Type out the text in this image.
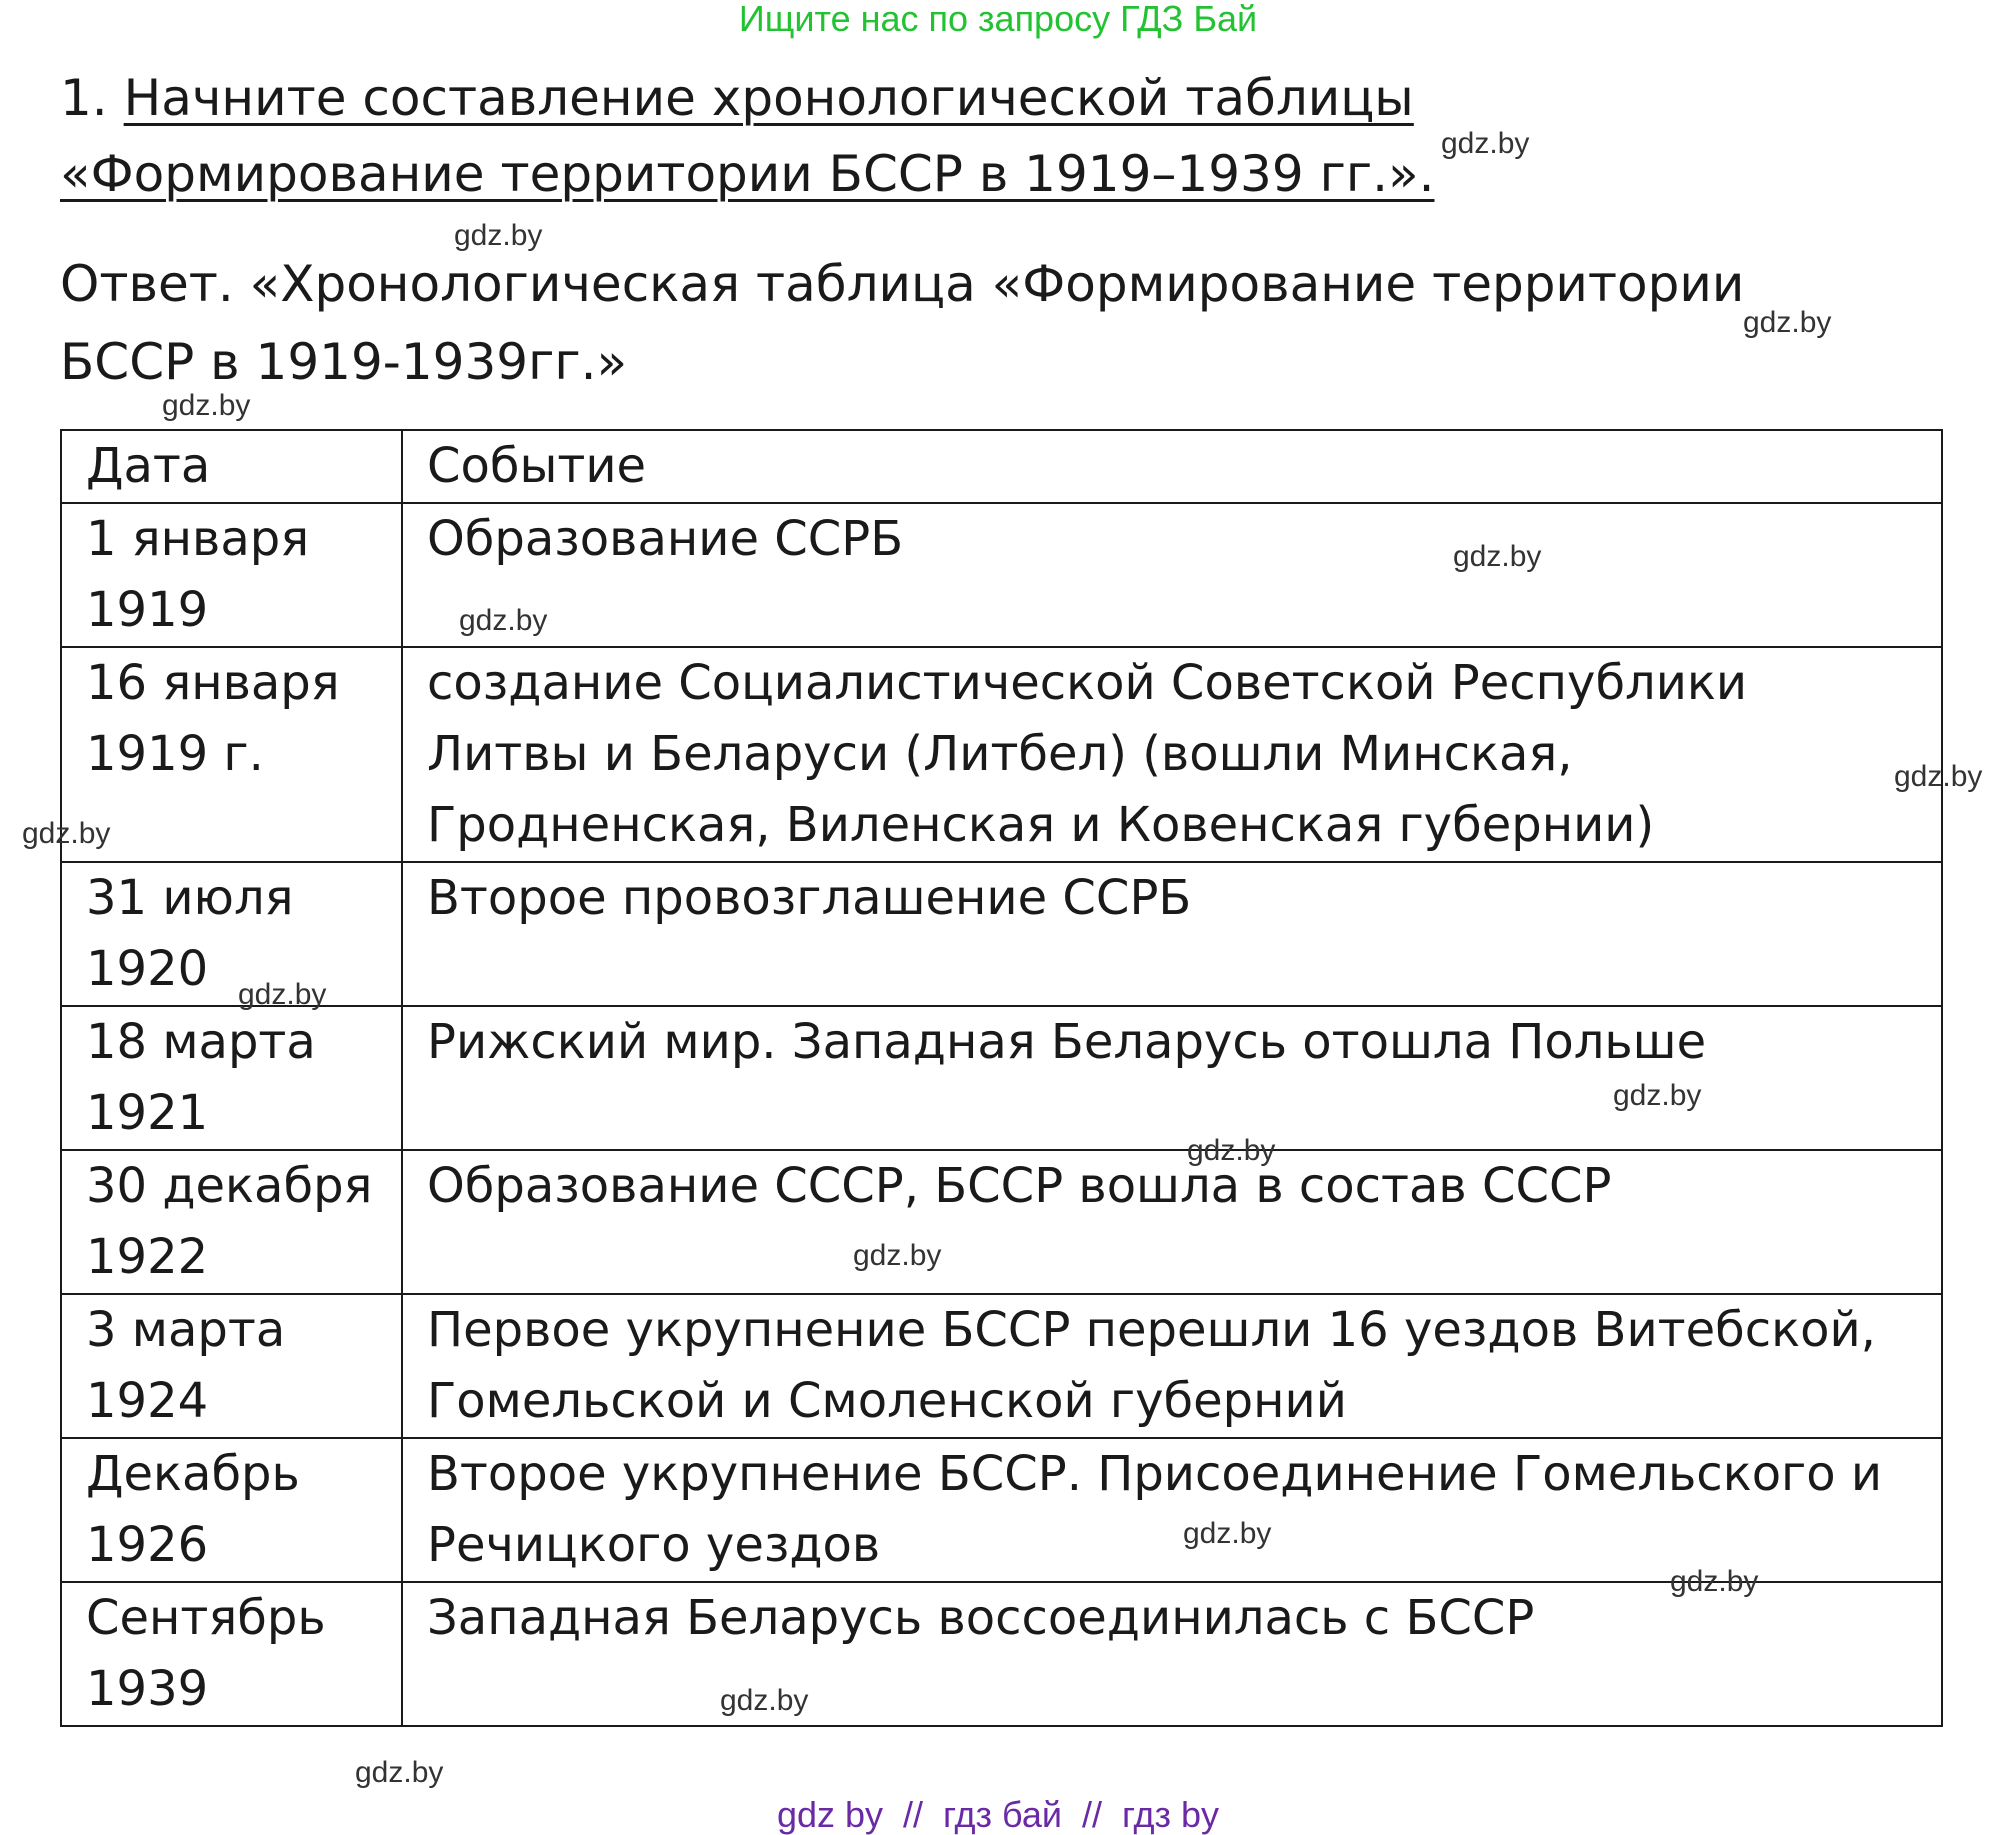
Ищите нас по запросу ГДЗ Бай
1. Начните составление хронологической таблицы «Формирование территории БССР в 1919–1939 гг.».
Ответ. «Хронологическая таблица «Формирование территории БССР в 1919-1939гг.»
Дата	Событие
1 января 1919	Образование ССРБ
16 января 1919 г.	создание Социалистической Советской Республики Литвы и Беларуси (Литбел) (вошли Минская, Гродненская, Виленская и Ковенская губернии)
31 июля 1920	Второе провозглашение ССРБ
18 марта 1921	Рижский мир. Западная Беларусь отошла Польше
30 декабря 1922	Образование СССР, БССР вошла в состав СССР
3 марта 1924	Первое укрупнение БССР перешли 16 уездов Витебской, Гомельской и Смоленской губерний
Декабрь 1926	Второе укрупнение БССР. Присоединение Гомельского и Речицкого уездов
Сентябрь 1939	Западная Беларусь воссоединилась с БССР
gdz.by
gdz.by
gdz.by
gdz.by
gdz.by
gdz.by
gdz.by
gdz.by
gdz.by
gdz.by
gdz.by
gdz.by
gdz.by
gdz.by
gdz.by
gdz.by
gdz by  //  гдз бай  //  гдз by
